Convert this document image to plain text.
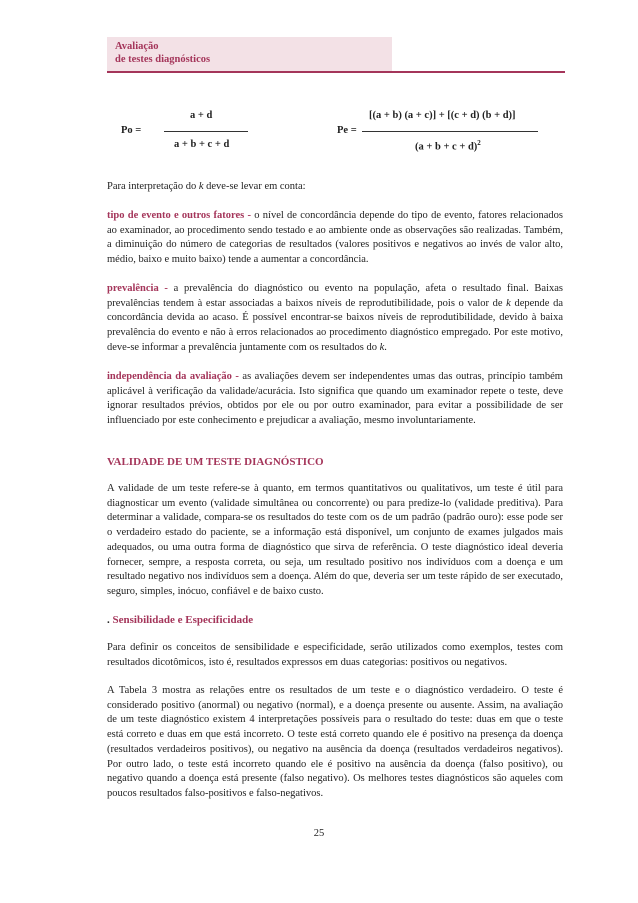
Avaliação
de testes diagnósticos
Po =
a + d
a + b + c + d
Pe =
[(a + b) (a + c)] + [(c + d) (b + d)]
$(a + b + c + d)^2$

Para interpretação do k deve-se levar em conta:

tipo de evento e outros fatores - o nível de concordância depende do tipo de evento, fatores relacionados ao examinador, ao procedimento sendo testado e ao ambiente onde as observações são realizadas. Também, a diminuição do número de categorias de resultados (valores positivos e negativos ao invés de valor alto, médio, baixo e muito baixo) tende a aumentar a concordância.

prevalência - a prevalência do diagnóstico ou evento na população, afeta o resultado final. Baixas prevalências tendem à estar associadas a baixos níveis de reprodutibilidade, pois o valor de k depende da concordância devida ao acaso. É possível encontrar-se baixos níveis de reprodutibilidade, devido à baixa prevalência do evento e não à erros relacionados ao procedimento diagnóstico empregado. Por este motivo, deve-se informar a prevalência juntamente com os resultados do k.

independência da avaliação - as avaliações devem ser independentes umas das outras, princípio também aplicável à verificação da validade/acurácia. Isto significa que quando um examinador repete o teste, deve ignorar resultados prévios, obtidos por ele ou por outro examinador, para evitar a possibilidade de ser influenciado por este conhecimento e prejudicar a avaliação, mesmo involuntariamente.

VALIDADE DE UM TESTE DIAGNÓSTICO

A validade de um teste refere-se à quanto, em termos quantitativos ou qualitativos, um teste é útil para diagnosticar um evento (validade simultânea ou concorrente) ou para predize-lo (validade preditiva). Para determinar a validade, compara-se os resultados do teste com os de um padrão (padrão ouro): esse pode ser o verdadeiro estado do paciente, se a informação está disponível, um conjunto de exames julgados mais adequados, ou uma outra forma de diagnóstico que sirva de referência. O teste diagnóstico ideal deveria fornecer, sempre, a resposta correta, ou seja, um resultado positivo nos indivíduos com a doença e um resultado negativo nos indivíduos sem a doença. Além do que, deveria ser um teste rápido de ser executado, seguro, simples, inócuo, confiável e de baixo custo.

. Sensibilidade e Especificidade

Para definir os conceitos de sensibilidade e especificidade, serão utilizados como exemplos, testes com resultados dicotômicos, isto é, resultados expressos em duas categorias: positivos ou negativos.

A Tabela 3 mostra as relações entre os resultados de um teste e o diagnóstico verdadeiro. O teste é considerado positivo (anormal) ou negativo (normal), e a doença presente ou ausente. Assim, na avaliação de um teste diagnóstico existem 4 interpretações possíveis para o resultado do teste: duas em que o teste está correto e duas em que está incorreto. O teste está correto quando ele é positivo na presença da doença (resultados verdadeiros positivos), ou negativo na ausência da doença (resultados verdadeiros negativos). Por outro lado, o teste está incorreto quando ele é positivo na ausência da doença (falso positivo), ou negativo quando a doença está presente (falso negativo). Os melhores testes diagnósticos são aqueles com poucos resultados falso-positivos e falso-negativos.

25
